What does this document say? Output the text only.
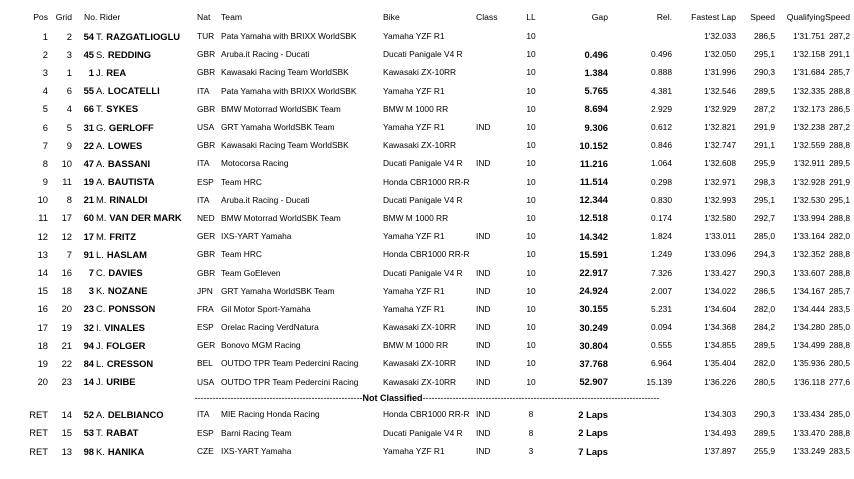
Pos	Grid	No. Rider	Nat	Team	Bike	Class	LL	Gap	Rel.	Fastest Lap	Speed	Qualifying	Speed
1	2	54 T. RAZGATLIOGLU	TUR	Pata Yamaha with BRIXX WorldSBK	Yamaha YZF R1		10			1'32.033	286,5	1'31.751	287,2
2	3	45 S. REDDING	GBR	Aruba.it Racing - Ducati	Ducati Panigale V4 R		10	0.496	0.496	1'32.050	295,1	1'32.158	291,1
3	1	1 J. REA	GBR	Kawasaki Racing Team WorldSBK	Kawasaki ZX-10RR		10	1.384	0.888	1'31.996	290,3	1'31.684	285,7
4	6	55 A. LOCATELLI	ITA	Pata Yamaha with BRIXX WorldSBK	Yamaha YZF R1		10	5.765	4.381	1'32.546	289,5	1'32.335	288,8
5	4	66 T. SYKES	GBR	BMW Motorrad WorldSBK Team	BMW M 1000 RR		10	8.694	2.929	1'32.929	287,2	1'32.173	286,5
6	5	31 G. GERLOFF	USA	GRT Yamaha WorldSBK Team	Yamaha YZF R1	IND	10	9.306	0.612	1'32.821	291,9	1'32.238	287,2
7	9	22 A. LOWES	GBR	Kawasaki Racing Team WorldSBK	Kawasaki ZX-10RR		10	10.152	0.846	1'32.747	291,1	1'32.559	288,8
8	10	47 A. BASSANI	ITA	Motocorsa Racing	Ducati Panigale V4 R	IND	10	11.216	1.064	1'32.608	295,9	1'32.911	289,5
9	11	19 A. BAUTISTA	ESP	Team HRC	Honda CBR1000 RR-R		10	11.514	0.298	1'32.971	298,3	1'32.928	291,9
10	8	21 M. RINALDI	ITA	Aruba.it Racing - Ducati	Ducati Panigale V4 R		10	12.344	0.830	1'32.993	295,1	1'32.530	295,1
11	17	60 M. VAN DER MARK	NED	BMW Motorrad WorldSBK Team	BMW M 1000 RR		10	12.518	0.174	1'32.580	292,7	1'33.994	288,8
12	12	17 M. FRITZ	GER	IXS-YART Yamaha	Yamaha YZF R1	IND	10	14.342	1.824	1'33.011	285,0	1'33.164	282,0
13	7	91 L. HASLAM	GBR	Team HRC	Honda CBR1000 RR-R		10	15.591	1.249	1'33.096	294,3	1'32.352	288,8
14	16	7 C. DAVIES	GBR	Team GoEleven	Ducati Panigale V4 R	IND	10	22.917	7.326	1'33.427	290,3	1'33.607	288,8
15	18	3 K. NOZANE	JPN	GRT Yamaha WorldSBK Team	Yamaha YZF R1	IND	10	24.924	2.007	1'34.022	286,5	1'34.167	285,7
16	20	23 C. PONSSON	FRA	Gil Motor Sport-Yamaha	Yamaha YZF R1	IND	10	30.155	5.231	1'34.604	282,0	1'34.444	283,5
17	19	32 I. VINALES	ESP	Orelac Racing VerdNatura	Kawasaki ZX-10RR	IND	10	30.249	0.094	1'34.368	284,2	1'34.280	285,0
18	21	94 J. FOLGER	GER	Bonovo MGM Racing	BMW M 1000 RR	IND	10	30.804	0.555	1'34.855	289,5	1'34.499	288,8
19	22	84 L. CRESSON	BEL	OUTDO TPR Team Pedercini Racing	Kawasaki ZX-10RR	IND	10	37.768	6.964	1'35.404	282,0	1'35.936	280,5
20	23	14 J. URIBE	USA	OUTDO TPR Team Pedercini Racing	Kawasaki ZX-10RR	IND	10	52.907	15.139	1'36.226	280,5	1'36.118	277,6
--------------------------------------------------------Not Classified-------------------------------------------------------------------------------													
RET	14	52 A. DELBIANCO	ITA	MIE Racing Honda Racing	Honda CBR1000 RR-R	IND	8	2 Laps		1'34.303	290,3	1'33.434	285,0
RET	15	53 T. RABAT	ESP	Barni Racing Team	Ducati Panigale V4 R	IND	8	2 Laps		1'34.493	289,5	1'33.470	288,8
RET	13	98 K. HANIKA	CZE	IXS-YART Yamaha	Yamaha YZF R1	IND	3	7 Laps		1'37.897	255,9	1'33.249	283,5
